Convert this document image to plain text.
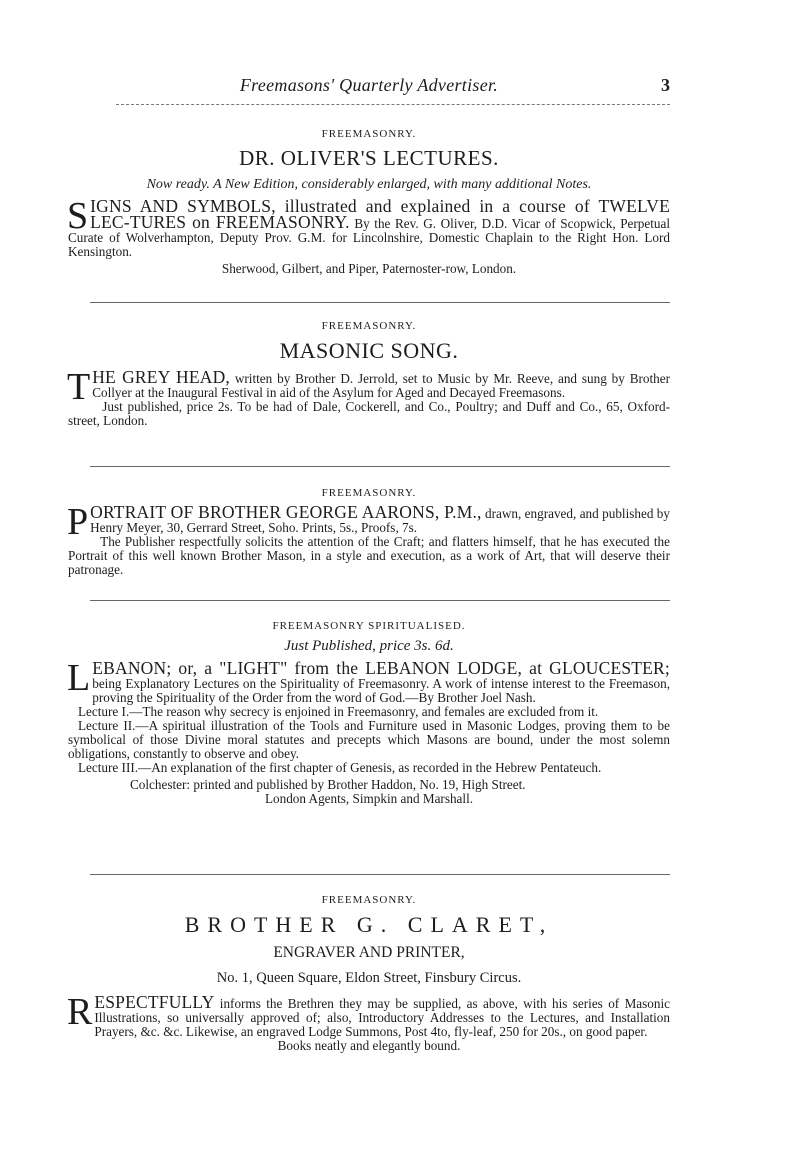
Freemasons' Quarterly Advertiser.	3
FREEMASONRY.
DR. OLIVER'S LECTURES.
Now ready. A New Edition, considerably enlarged, with many additional Notes.
S IGNS AND SYMBOLS, illustrated and explained in a course of TWELVE LEC-TURES on FREEMASONRY. By the Rev. G. Oliver, D.D. Vicar of Scopwick, Perpetual Curate of Wolverhampton, Deputy Prov. G.M. for Lincolnshire, Domestic Chaplain to the Right Hon. Lord Kensington.
Sherwood, Gilbert, and Piper, Paternoster-row, London.
FREEMASONRY.
MASONIC SONG.
T HE GREY HEAD, written by Brother D. Jerrold, set to Music by Mr. Reeve, and sung by Brother Collyer at the Inaugural Festival in aid of the Asylum for Aged and Decayed Freemasons.
Just published, price 2s. To be had of Dale, Cockerell, and Co., Poultry; and Duff and Co., 65, Oxford-street, London.
FREEMASONRY.
P ORTRAIT OF BROTHER GEORGE AARONS, P.M., drawn, engraved, and published by Henry Meyer, 30, Gerrard Street, Soho. Prints, 5s., Proofs, 7s.
The Publisher respectfully solicits the attention of the Craft; and flatters himself, that he has executed the Portrait of this well known Brother Mason, in a style and execution, as a work of Art, that will deserve their patronage.
FREEMASONRY SPIRITUALISED.
Just Published, price 3s. 6d.
L EBANON; or, a "LIGHT" from the LEBANON LODGE, at GLOUCESTER; being Explanatory Lectures on the Spirituality of Freemasonry. A work of intense interest to the Freemason, proving the Spirituality of the Order from the word of God.—By Brother Joel Nash.
Lecture I.—The reason why secrecy is enjoined in Freemasonry, and females are excluded from it.
Lecture II.—A spiritual illustration of the Tools and Furniture used in Masonic Lodges, proving them to be symbolical of those Divine moral statutes and precepts which Masons are bound, under the most solemn obligations, constantly to observe and obey.
Lecture III.—An explanation of the first chapter of Genesis, as recorded in the Hebrew Pentateuch.
Colchester: printed and published by Brother Haddon, No. 19, High Street.
London Agents, Simpkin and Marshall.
FREEMASONRY.
BROTHER G. CLARET,
ENGRAVER AND PRINTER,
No. 1, Queen Square, Eldon Street, Finsbury Circus.
R ESPECTFULLY informs the Brethren they may be supplied, as above, with his series of Masonic Illustrations, so universally approved of; also, Introductory Addresses to the Lectures, and Installation Prayers, &c. &c. Likewise, an engraved Lodge Summons, Post 4to, fly-leaf, 250 for 20s., on good paper.
Books neatly and elegantly bound.
